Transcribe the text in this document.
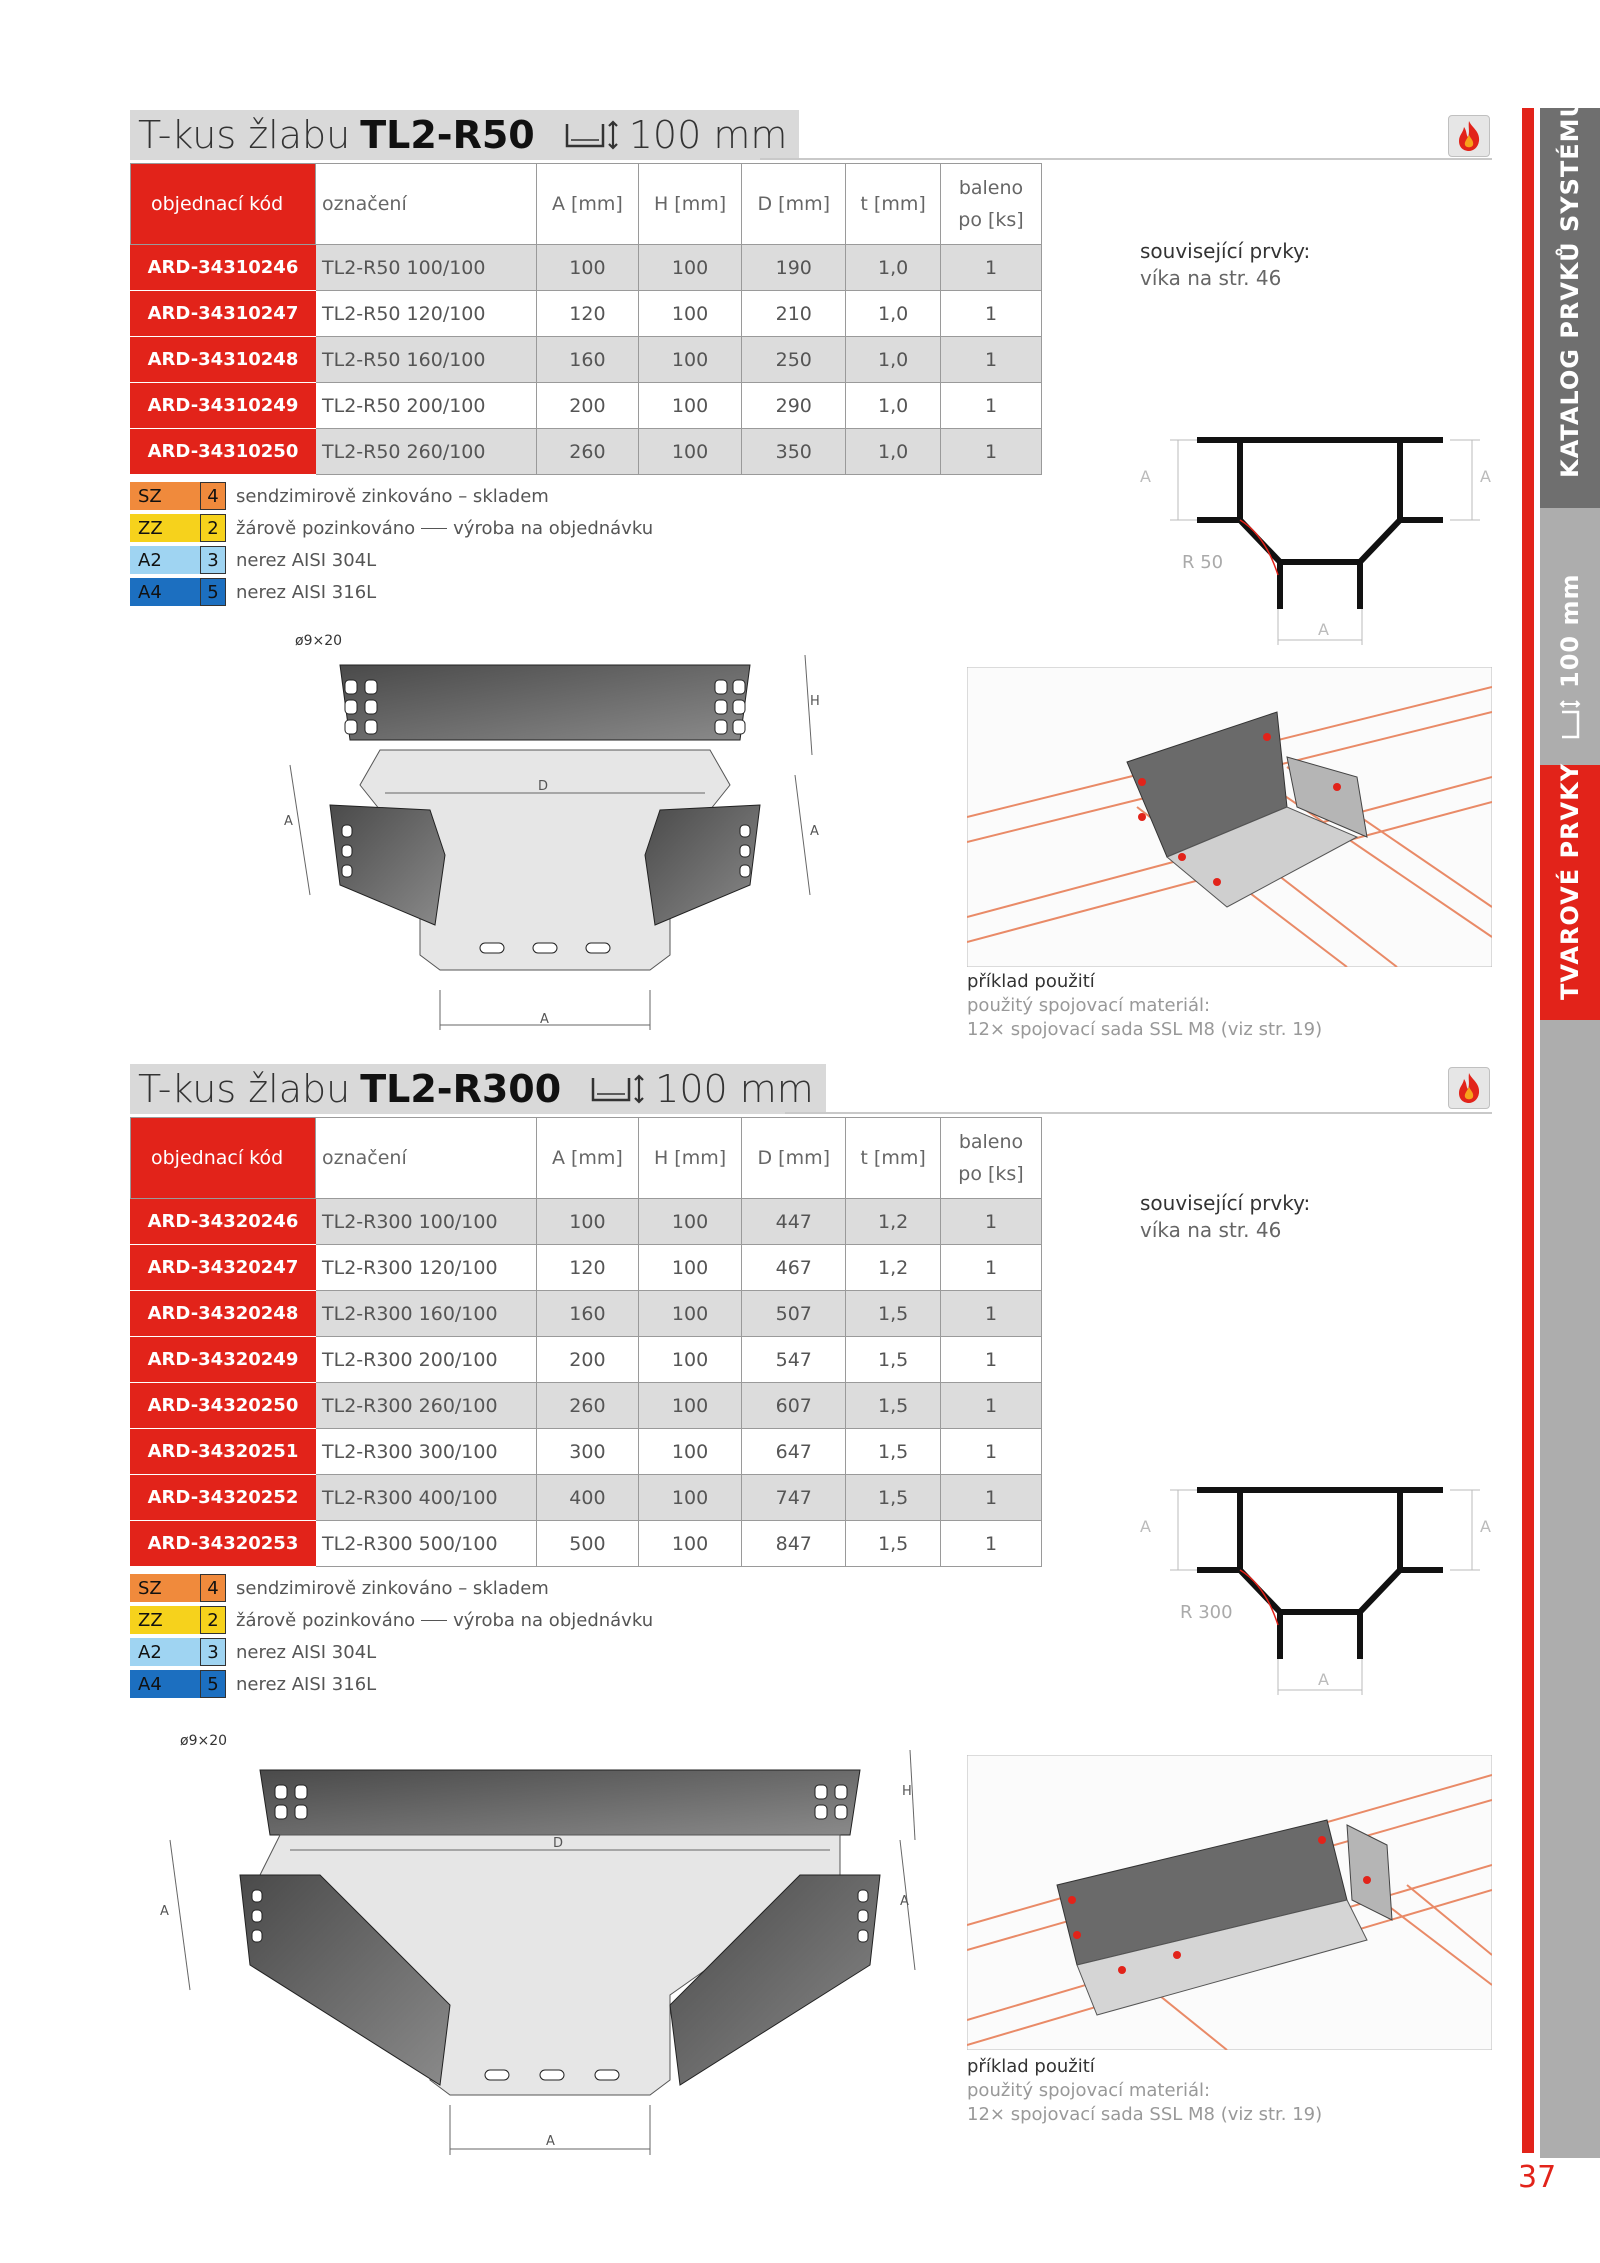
KATALOG PRVKŮ SYSTÉMU
100 mm
TVAROVÉ PRVKY
37
T-kus žlabu TL2-R50 100 mm
objednací kód	označení	A [mm]	H [mm]	D [mm]	t [mm]	baleno po [ks]
ARD-34310246	TL2-R50 100/100	100	100	190	1,0	1
ARD-34310247	TL2-R50 120/100	120	100	210	1,0	1
ARD-34310248	TL2-R50 160/100	160	100	250	1,0	1
ARD-34310249	TL2-R50 200/100	200	100	290	1,0	1
ARD-34310250	TL2-R50 260/100	260	100	350	1,0	1
SZ	4 sendzimirově zinkováno – skladem
ZZ	2 žárově pozinkováno výroba na objednávku
A2	3 nerez AISI 304L
A4	5 nerez AISI 316L
související prvky:
víka na str. 46
A	A
A
R 50
ø9×20
D
A
A
A
H
příklad použití
použitý spojovací materiál:
12× spojovací sada SSL M8 (viz str. 19)
T-kus žlabu TL2-R300 100 mm
objednací kód	označení	A [mm]	H [mm]	D [mm]	t [mm]	baleno po [ks]
ARD-34320246	TL2-R300 100/100	100	100	447	1,2	1
ARD-34320247	TL2-R300 120/100	120	100	467	1,2	1
ARD-34320248	TL2-R300 160/100	160	100	507	1,5	1
ARD-34320249	TL2-R300 200/100	200	100	547	1,5	1
ARD-34320250	TL2-R300 260/100	260	100	607	1,5	1
ARD-34320251	TL2-R300 300/100	300	100	647	1,5	1
ARD-34320252	TL2-R300 400/100	400	100	747	1,5	1
ARD-34320253	TL2-R300 500/100	500	100	847	1,5	1
SZ	4 sendzimirově zinkováno – skladem
ZZ	2 žárově pozinkováno výroba na objednávku
A2	3 nerez AISI 304L
A4	5 nerez AISI 316L
související prvky:
víka na str. 46
A	A
A
R 300
ø9×20
D
A
A
A
H
příklad použití
použitý spojovací materiál:
12× spojovací sada SSL M8 (viz str. 19)
